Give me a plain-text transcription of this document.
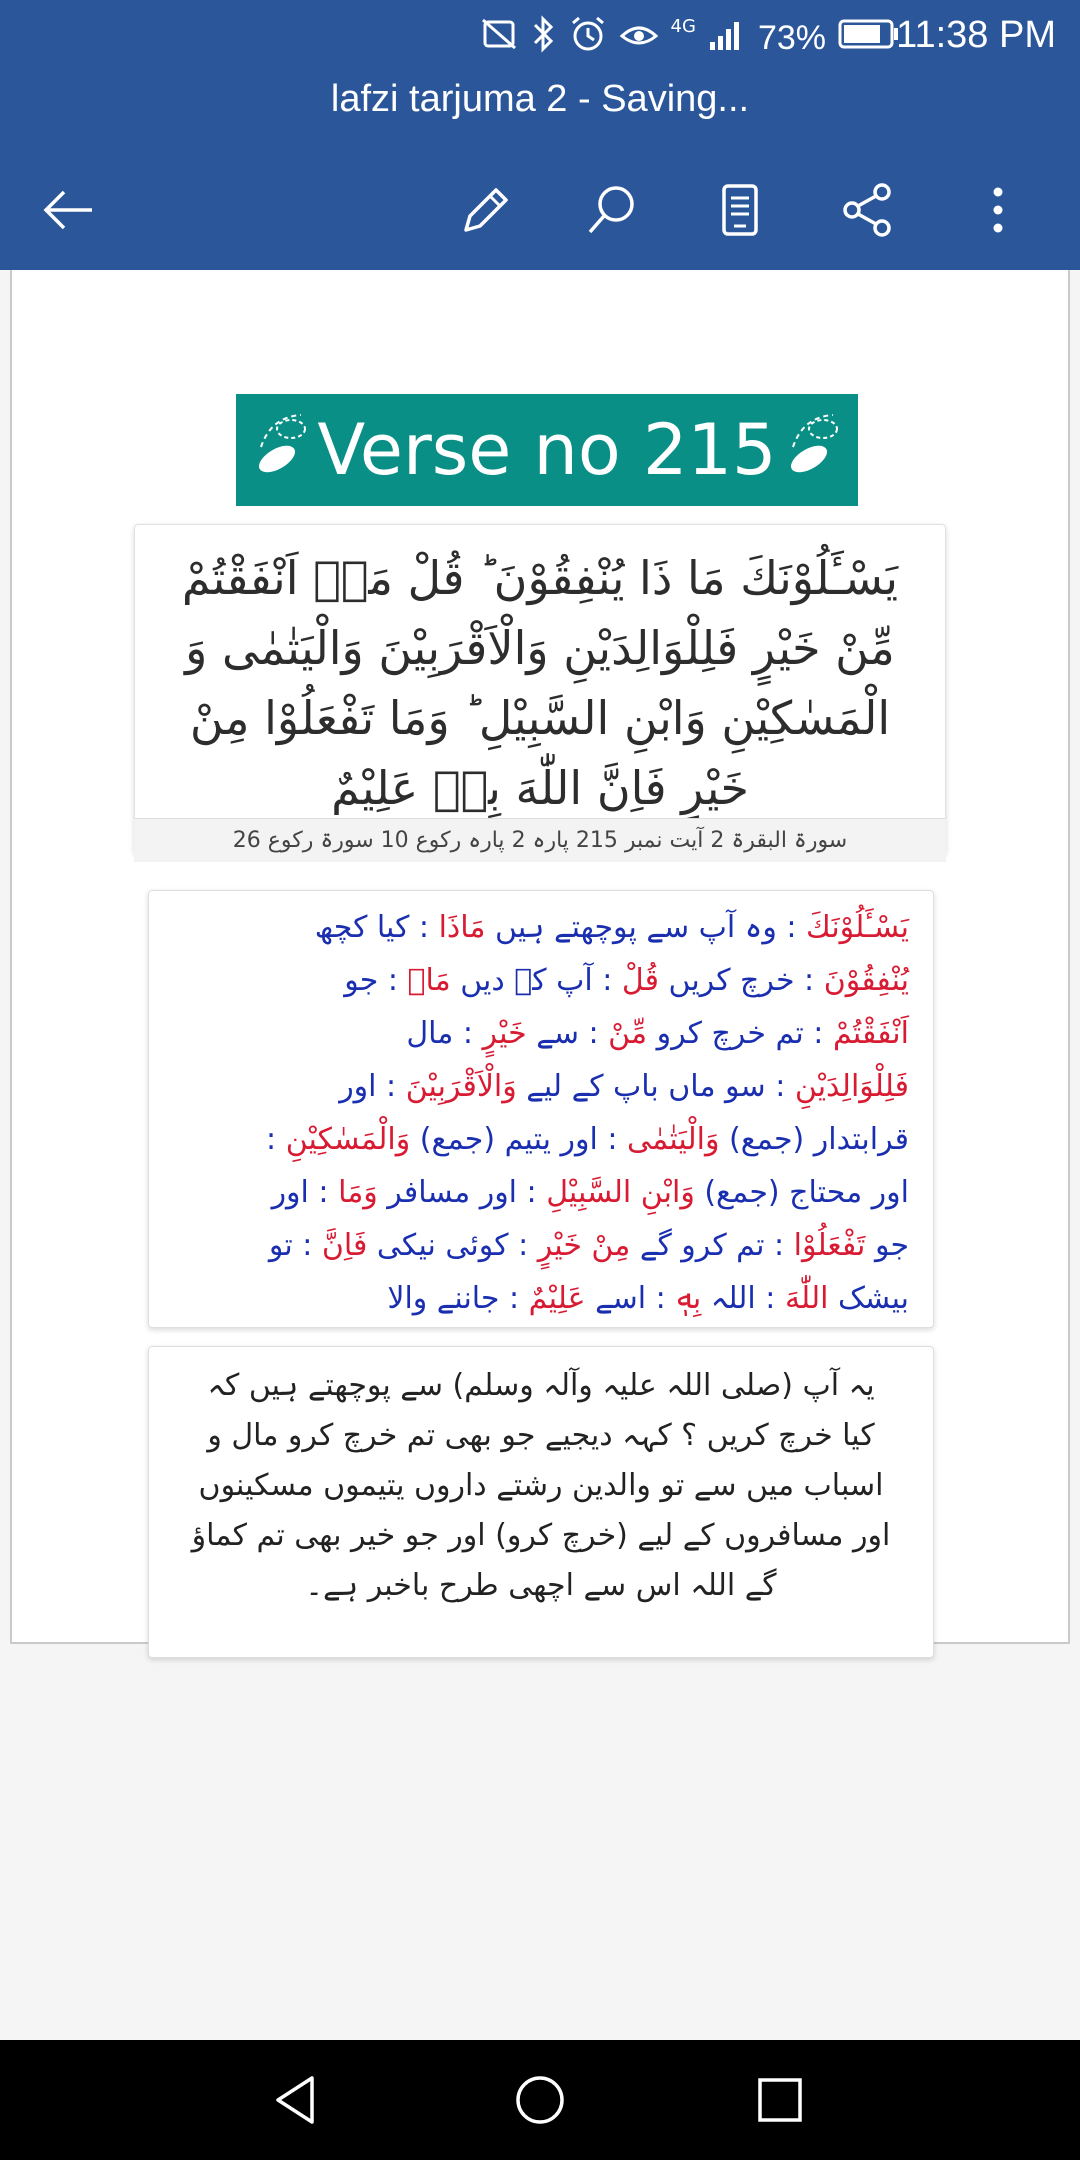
4G 73% 11:38 PM
lafzi tarjuma 2 - Saving...
Verse no 215
يَسْـَٔلُوْنَكَ مَا ذَا يُنْفِقُوْنَ ؕ قُلْ مَاۤ اَنْفَقْتُمْ
مِّنْ خَيْرٍ فَلِلْوَالِدَيْنِ وَالْاَقْرَبِيْنَ وَالْيَتٰمٰى وَ
الْمَسٰكِيْنِ وَابْنِ السَّبِيْلِ ؕ وَمَا تَفْعَلُوْا مِنْ
خَيْرٍ فَاِنَّ اللّٰهَ بِهٖ عَلِيْمٌ
سورۃ البقرۃ 2 آیت نمبر 215 پارہ 2 پارہ رکوع 10 سورۃ رکوع 26
يَسْـَٔلُوْنَكَ : وہ آپ سے پوچھتے ہیں مَاذَا : کیا کچھ
يُنْفِقُوْنَ : خرچ کریں قُلْ : آپ کہ دیں مَاۤ : جو
اَنْفَقْتُمْ : تم خرچ کرو مِّنْ : سے خَيْرٍ : مال
فَلِلْوَالِدَيْنِ : سو ماں باپ کے لیے وَالْاَقْرَبِيْنَ : اور
قرابتدار (جمع) وَالْيَتٰمٰى : اور یتیم (جمع) وَالْمَسٰكِيْنِ :
اور محتاج (جمع) وَابْنِ السَّبِيْلِ : اور مسافر وَمَا : اور
جو تَفْعَلُوْا : تم کرو گے مِنْ خَيْرٍ : کوئی نیکی فَاِنَّ : تو
بیشک اللّٰهَ : اللہ بِهٖ : اسے عَلِيْمٌ : جاننے والا
یہ آپ (صلی اللہ علیہ وآلہ وسلم) سے پوچھتے ہیں کہ
کیا خرچ کریں ؟ کہہ دیجیے جو بھی تم خرچ کرو مال و
اسباب میں سے تو والدین رشتے داروں یتیموں مسکینوں
اور مسافروں کے لیے (خرچ کرو) اور جو خیر بھی تم کماؤ
گے اللہ اس سے اچھی طرح باخبر ہے۔
